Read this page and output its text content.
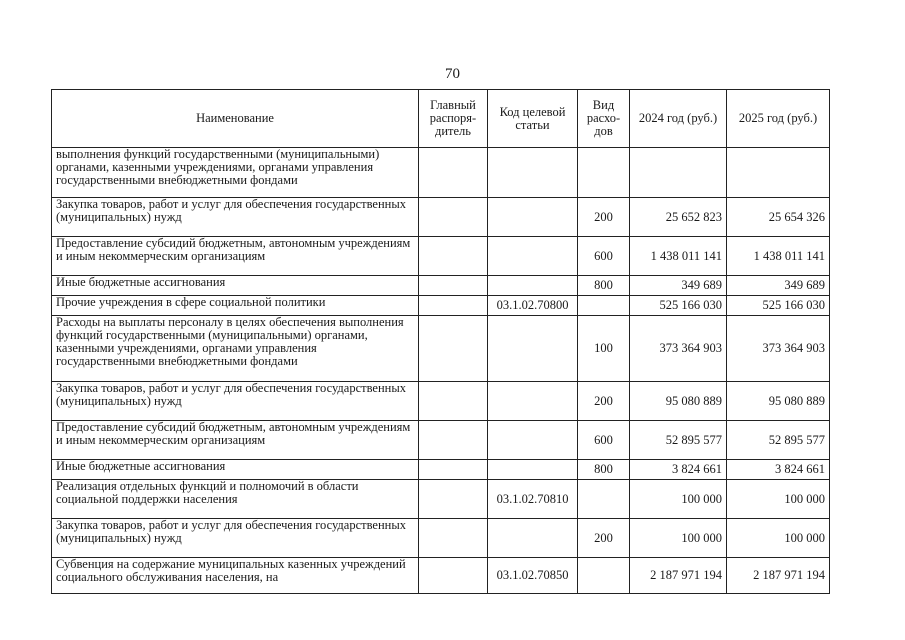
70
Наименование	Главный распоря-дитель	Код целевой статьи	Вид расхо-дов	2024 год (руб.)	2025 год (руб.)
выполнения функций государственными (муниципальными) органами, казенными учреждениями, органами управления государственными внебюджетными фондами					
Закупка товаров, работ и услуг для обеспечения государственных (муниципальных) нужд			200	25 652 823	25 654 326
Предоставление субсидий бюджетным, автономным учреждениям и иным некоммерческим организациям			600	1 438 011 141	1 438 011 141
Иные бюджетные ассигнования			800	349 689	349 689
Прочие учреждения в сфере социальной политики		03.1.02.70800		525 166 030	525 166 030
Расходы на выплаты персоналу в целях обеспечения выполнения функций государственными (муниципальными) органами, казенными учреждениями, органами управления государственными внебюджетными фондами			100	373 364 903	373 364 903
Закупка товаров, работ и услуг для обеспечения государственных (муниципальных) нужд			200	95 080 889	95 080 889
Предоставление субсидий бюджетным, автономным учреждениям и иным некоммерческим организациям			600	52 895 577	52 895 577
Иные бюджетные ассигнования			800	3 824 661	3 824 661
Реализация отдельных функций и полномочий в области социальной поддержки населения		03.1.02.70810		100 000	100 000
Закупка товаров, работ и услуг для обеспечения государственных (муниципальных) нужд			200	100 000	100 000
Субвенция на содержание муниципальных казенных учреждений социального обслуживания населения, на		03.1.02.70850		2 187 971 194	2 187 971 194
